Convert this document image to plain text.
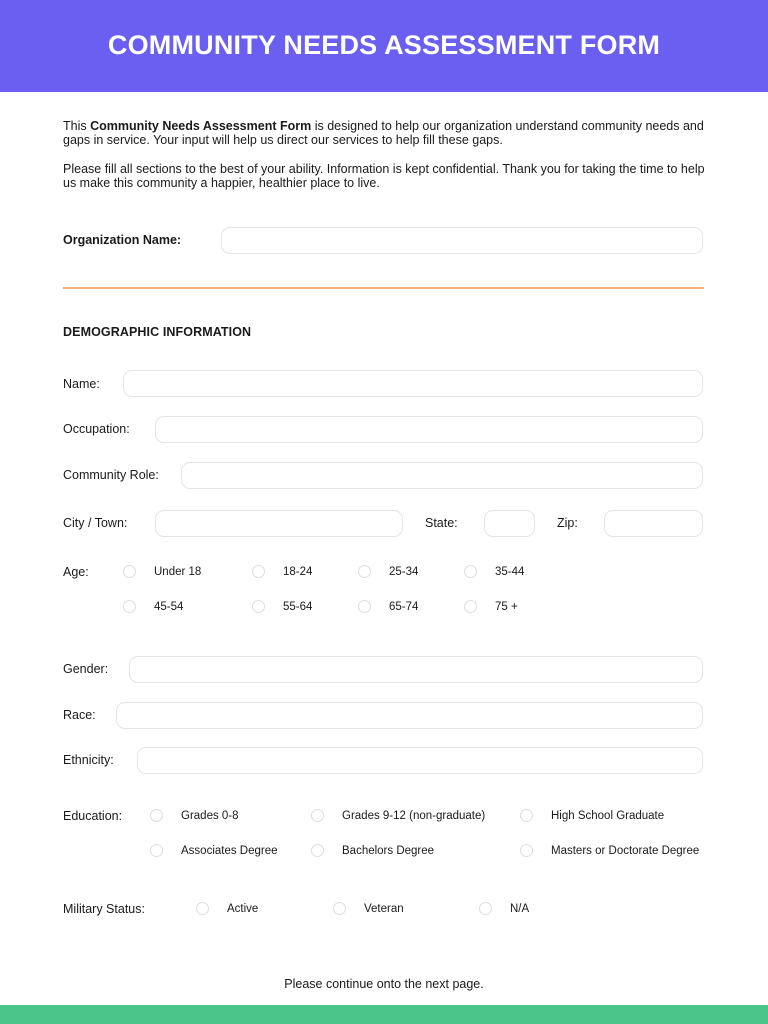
COMMUNITY NEEDS ASSESSMENT FORM

This Community Needs Assessment Form is designed to help our organization understand community needs and gaps in service. Your input will help us direct our services to help fill these gaps.

Please fill all sections to the best of your ability. Information is kept confidential. Thank you for taking the time to help us make this community a happier, healthier place to live.

Organization Name:
DEMOGRAPHIC INFORMATION
Name:
Occupation:
Community Role:
City / Town:	State:	Zip:
Age:	Under 18	18-24	25-34	35-44
45-54	55-64	65-74	75 +
Gender:
Race:
Ethnicity:
Education:	Grades 0-8	Grades 9-12 (non-graduate)	High School Graduate
Associates Degree	Bachelors Degree	Masters or Doctorate Degree
Military Status:	Active	Veteran	N/A
Please continue onto the next page.
